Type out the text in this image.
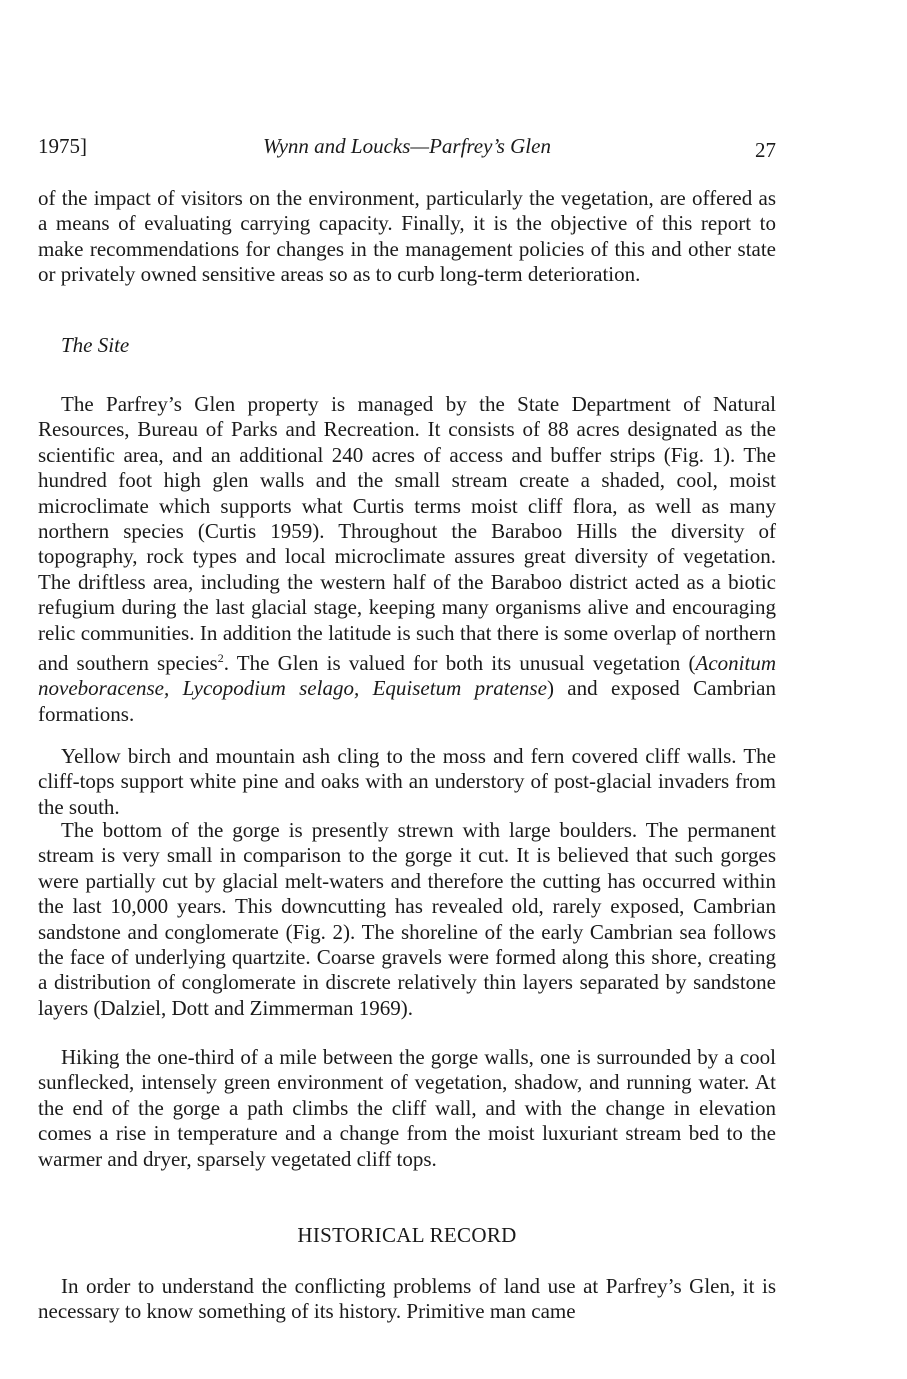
1975]	Wynn and Loucks—Parfrey’s Glen	27

of the impact of visitors on the environment, particularly the vegetation, are offered as a means of evaluating carrying capacity. Finally, it is the objective of this report to make recommendations for changes in the management policies of this and other state or privately owned sensitive areas so as to curb long-term deterioration.

The Site

The Parfrey’s Glen property is managed by the State Department of Natural Resources, Bureau of Parks and Recreation. It consists of 88 acres designated as the scientific area, and an additional 240 acres of access and buffer strips (Fig. 1). The hundred foot high glen walls and the small stream create a shaded, cool, moist microclimate which supports what Curtis terms moist cliff flora, as well as many northern species (Curtis 1959). Throughout the Baraboo Hills the diversity of topography, rock types and local microclimate assures great diversity of vegetation. The driftless area, including the western half of the Baraboo district acted as a biotic refugium during the last glacial stage, keeping many organisms alive and encouraging relic communities. In addition the latitude is such that there is some overlap of northern and southern species$^2$. The Glen is valued for both its unusual vegetation (Aconitum noveboracense, Lycopodium selago, Equisetum pratense) and exposed Cambrian formations.

Yellow birch and mountain ash cling to the moss and fern covered cliff walls. The cliff-tops support white pine and oaks with an understory of post-glacial invaders from the south.

The bottom of the gorge is presently strewn with large boulders. The permanent stream is very small in comparison to the gorge it cut. It is believed that such gorges were partially cut by glacial melt-waters and therefore the cutting has occurred within the last 10,000 years. This downcutting has revealed old, rarely exposed, Cambrian sandstone and conglomerate (Fig. 2). The shoreline of the early Cambrian sea follows the face of underlying quartzite. Coarse gravels were formed along this shore, creating a distribution of conglomerate in discrete relatively thin layers separated by sandstone layers (Dalziel, Dott and Zimmerman 1969).

Hiking the one-third of a mile between the gorge walls, one is surrounded by a cool sunflecked, intensely green environment of vegetation, shadow, and running water. At the end of the gorge a path climbs the cliff wall, and with the change in elevation comes a rise in temperature and a change from the moist luxuriant stream bed to the warmer and dryer, sparsely vegetated cliff tops.

HISTORICAL RECORD

In order to understand the conflicting problems of land use at Parfrey’s Glen, it is necessary to know something of its history. Primitive man came
